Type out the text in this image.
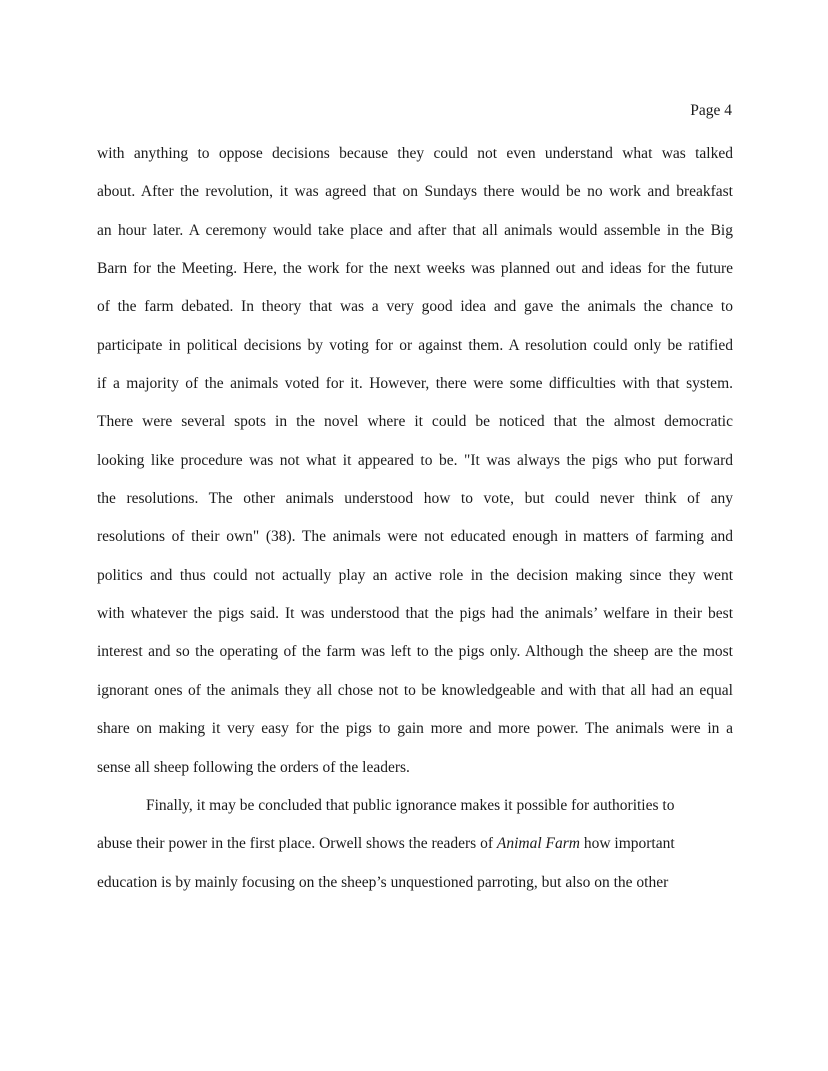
Page 4
with anything to oppose decisions because they could not even understand what was talked
about. After the revolution, it was agreed that on Sundays there would be no work and breakfast
an hour later. A ceremony would take place and after that all animals would assemble in the Big
Barn for the Meeting. Here, the work for the next weeks was planned out and ideas for the future
of the farm debated. In theory that was a very good idea and gave the animals the chance to
participate in political decisions by voting for or against them. A resolution could only be ratified
if a majority of the animals voted for it. However, there were some difficulties with that system.
There were several spots in the novel where it could be noticed that the almost democratic
looking like procedure was not what it appeared to be. "It was always the pigs who put forward
the resolutions. The other animals understood how to vote, but could never think of any
resolutions of their own" (38). The animals were not educated enough in matters of farming and
politics and thus could not actually play an active role in the decision making since they went
with whatever the pigs said. It was understood that the pigs had the animals’ welfare in their best
interest and so the operating of the farm was left to the pigs only. Although the sheep are the most
ignorant ones of the animals they all chose not to be knowledgeable and with that all had an equal
share on making it very easy for the pigs to gain more and more power. The animals were in a
sense all sheep following the orders of the leaders.
Finally, it may be concluded that public ignorance makes it possible for authorities to
abuse their power in the first place. Orwell shows the readers of Animal Farm how important
education is by mainly focusing on the sheep’s unquestioned parroting, but also on the other
